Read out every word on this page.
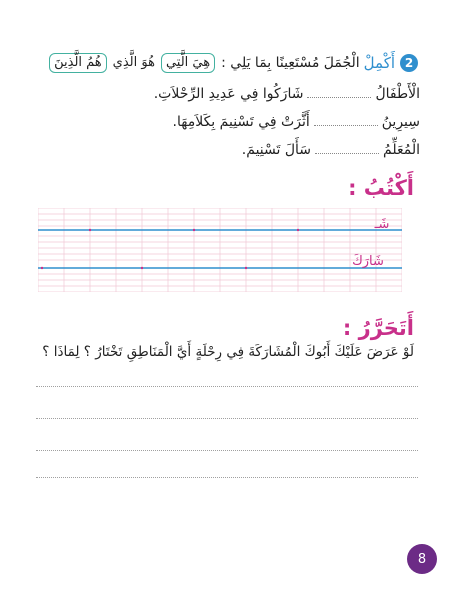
2
أَكْمِلْ
الْجُمَلَ مُسْتَعِينًا بِمَا يَلِي :
هِيَ الَّتِي
هُوَ الَّذِي
هُمُ الَّذِينَ
الْأَطْفَالُ
شَارَكُوا فِي عَدِيدِ الرِّحْلاَتِ.
سِيرِينُ
أَثَّرَتْ فِي تَسْنِيمَ بِكَلاَمِهَا.
الْمُعَلِّمُ
سَأَلَ تَسْنِيمَ.
أَكْتُبُ :
شَـ
شَارَكَ
أَتَحَرَّرُ :
لَوْ عَرَضَ عَلَيْكَ أَبُوكَ الْمُشَارَكَةَ فِي رِحْلَةٍ أَيَّ الْمَنَاطِقِ تَخْتَارُ ؟ لِمَاذَا ؟
8
